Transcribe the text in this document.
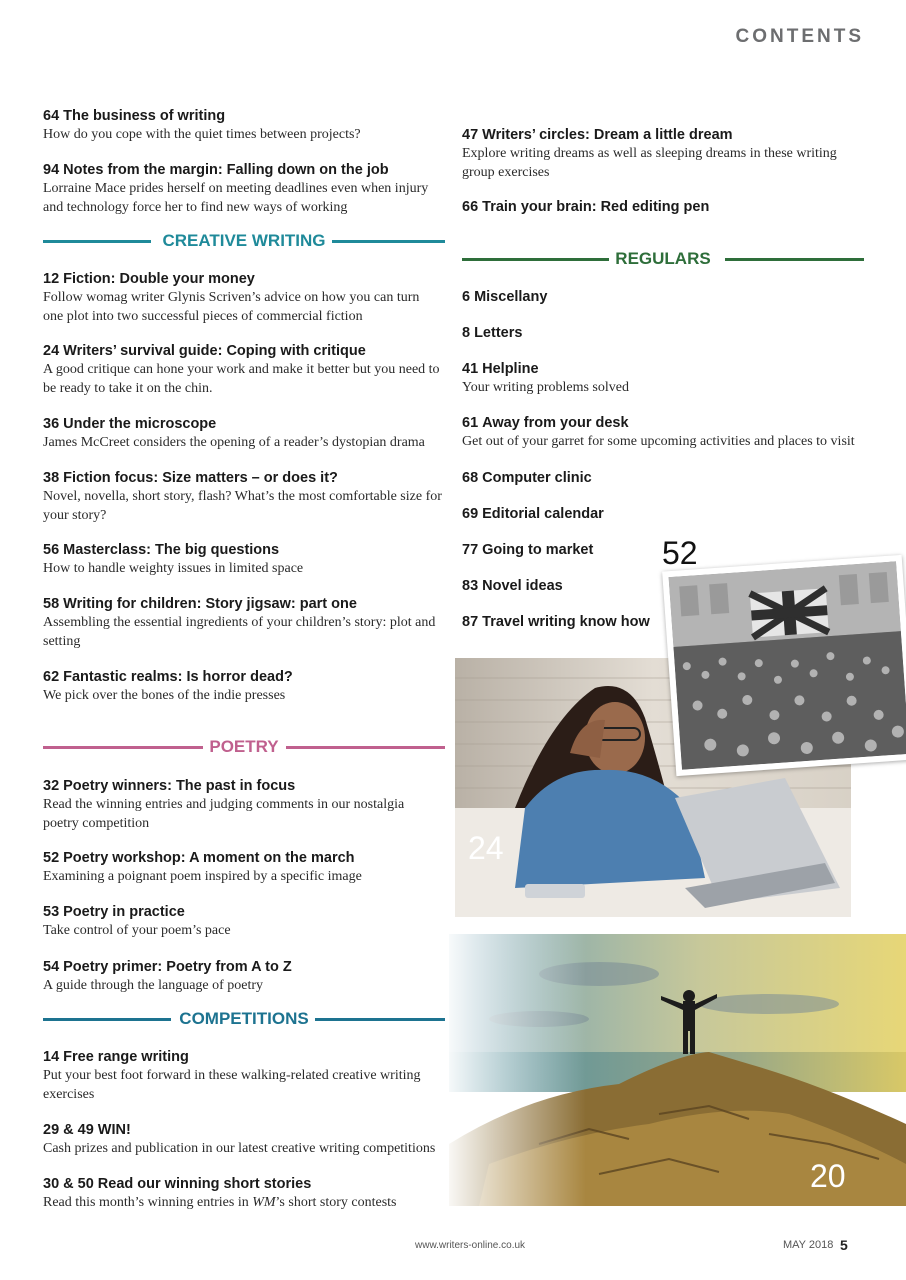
CONTENTS
64 The business of writing
How do you cope with the quiet times between projects?
94 Notes from the margin: Falling down on the job
Lorraine Mace prides herself on meeting deadlines even when injury and technology force her to find new ways of working
CREATIVE WRITING
12 Fiction: Double your money
Follow womag writer Glynis Scriven’s advice on how you can turn one plot into two successful pieces of commercial fiction
24 Writers’ survival guide: Coping with critique
A good critique can hone your work and make it better but you need to be ready to take it on the chin.
36 Under the microscope
James McCreet considers the opening of a reader’s dystopian drama
38 Fiction focus: Size matters – or does it?
Novel, novella, short story, flash? What’s the most comfortable size for your story?
56 Masterclass: The big questions
How to handle weighty issues in limited space
58 Writing for children: Story jigsaw: part one
Assembling the essential ingredients of your children’s story: plot and setting
62 Fantastic realms: Is horror dead?
We pick over the bones of the indie presses
POETRY
32 Poetry winners: The past in focus
Read the winning entries and judging comments in our nostalgia poetry competition
52 Poetry workshop: A moment on the march
Examining a poignant poem inspired by a specific image
53 Poetry in practice
Take control of your poem’s pace
54 Poetry primer: Poetry from A to Z
A guide through the language of poetry
COMPETITIONS
14 Free range writing
Put your best foot forward in these walking-related creative writing exercises
29 & 49 WIN!
Cash prizes and publication in our latest creative writing competitions
30 & 50 Read our winning short stories
Read this month’s winning entries in WM’s short story contests
47 Writers’ circles: Dream a little dream
Explore writing dreams as well as sleeping dreams in these writing group exercises
66 Train your brain: Red editing pen
REGULARS
6 Miscellany
8 Letters
41 Helpline
Your writing problems solved
61 Away from your desk
Get out of your garret for some upcoming activities and places to visit
68 Computer clinic
69 Editorial calendar
77 Going to market
83 Novel ideas
87 Travel writing know how
24
52
20
www.writers-online.co.uk	MAY 2018 5
